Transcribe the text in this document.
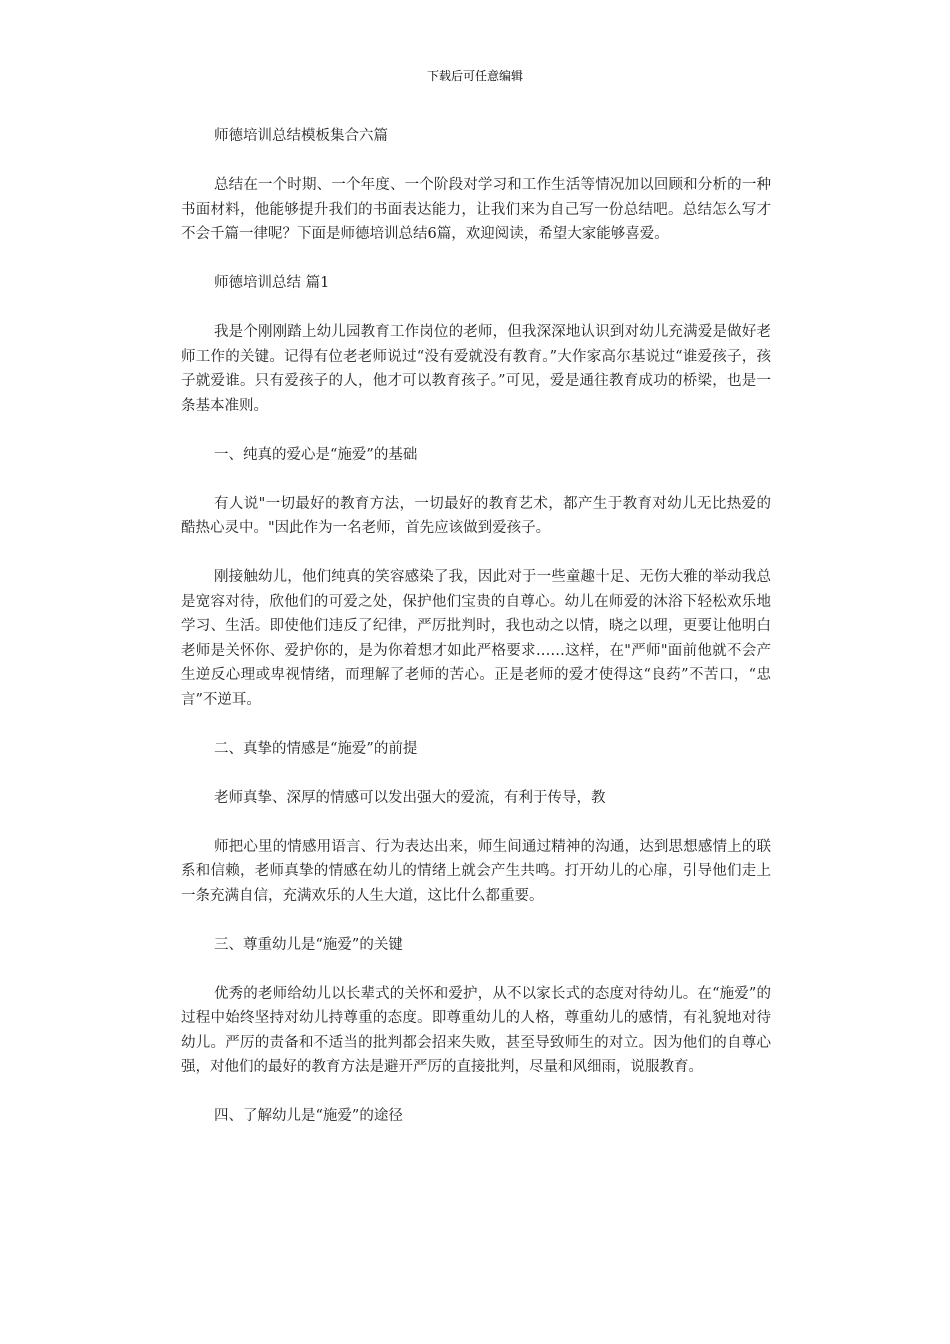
下载后可任意编辑

师德培训总结模板集合六篇

总结在一个时期、一个年度、一个阶段对学习和工作生活等情况加以回顾和分析的一种书面材料，他能够提升我们的书面表达能力，让我们来为自己写一份总结吧。总结怎么写才不会千篇一律呢？下面是师德培训总结6篇，欢迎阅读，希望大家能够喜爱。

师德培训总结 篇1

我是个刚刚踏上幼儿园教育工作岗位的老师，但我深深地认识到对幼儿充满爱是做好老师工作的关键。记得有位老老师说过“没有爱就没有教育。”大作家高尔基说过“谁爱孩子，孩子就爱谁。只有爱孩子的人，他才可以教育孩子。”可见，爱是通往教育成功的桥梁，也是一条基本准则。

一、纯真的爱心是“施爱”的基础

有人说"一切最好的教育方法，一切最好的教育艺术，都产生于教育对幼儿无比热爱的酷热心灵中。"因此作为一名老师，首先应该做到爱孩子。

刚接触幼儿，他们纯真的笑容感染了我，因此对于一些童趣十足、无伤大雅的举动我总是宽容对待，欣他们的可爱之处，保护他们宝贵的自尊心。幼儿在师爱的沐浴下轻松欢乐地学习、生活。即使他们违反了纪律，严厉批判时，我也动之以情，晓之以理，更要让他明白老师是关怀你、爱护你的，是为你着想才如此严格要求……这样，在"严师"面前他就不会产生逆反心理或卑视情绪，而理解了老师的苦心。正是老师的爱才使得这“良药”不苦口，“忠言”不逆耳。

二、真挚的情感是“施爱”的前提

老师真挚、深厚的情感可以发出强大的爱流，有利于传导，教

师把心里的情感用语言、行为表达出来，师生间通过精神的沟通，达到思想感情上的联系和信赖，老师真挚的情感在幼儿的情绪上就会产生共鸣。打开幼儿的心扉，引导他们走上一条充满自信，充满欢乐的人生大道，这比什么都重要。

三、尊重幼儿是“施爱”的关键

优秀的老师给幼儿以长辈式的关怀和爱护，从不以家长式的态度对待幼儿。在“施爱”的过程中始终坚持对幼儿持尊重的态度。即尊重幼儿的人格，尊重幼儿的感情，有礼貌地对待幼儿。严厉的责备和不适当的批判都会招来失败，甚至导致师生的对立。因为他们的自尊心强，对他们的最好的教育方法是避开严厉的直接批判，尽量和风细雨，说服教育。

四、了解幼儿是“施爱”的途径
